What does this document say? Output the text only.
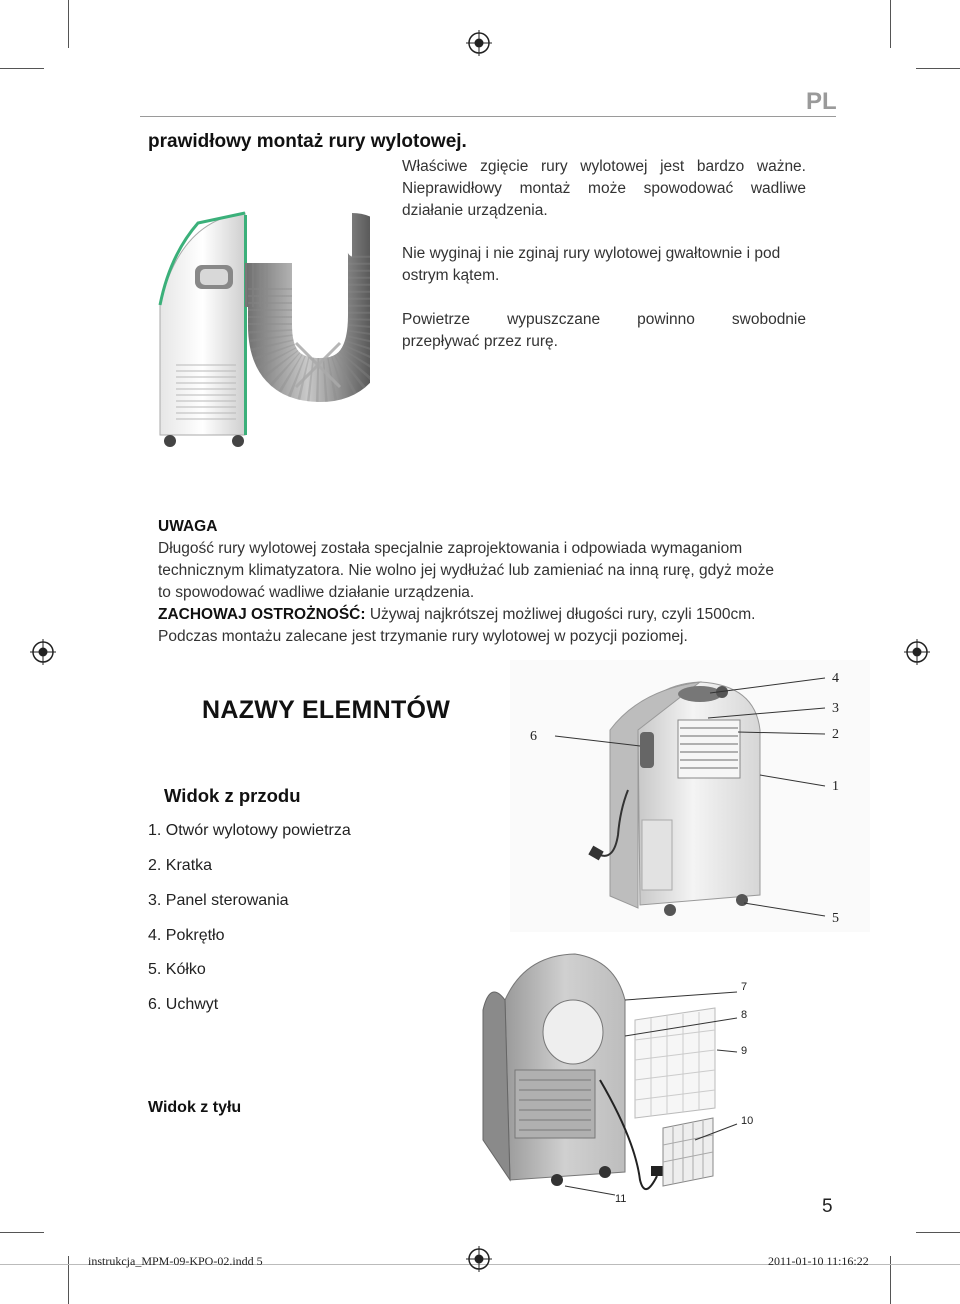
PL
prawidłowy montaż rury wylotowej.
Właściwe zgięcie rury wylotowej jest bardzo ważne.
Nieprawidłowy montaż może spowodować wadliwe
działanie urządzenia.
Nie wyginaj i nie zginaj rury wylotowej gwałtownie i pod
ostrym kątem.
Powietrze wypuszczane powinno swobodnie
przepływać przez rurę.
UWAGA
Długość rury wylotowej została specjalnie zaprojektowania i odpowiada wymaganiom
technicznym klimatyzatora. Nie wolno jej wydłużać lub zamieniać na inną rurę, gdyż może
to spowodować wadliwe działanie urządzenia.
ZACHOWAJ OSTROŻNOŚĆ: Używaj najkrótszej możliwej długości rury, czyli 1500cm.
Podczas montażu zalecane jest trzymanie rury wylotowej w pozycji poziomej.
NAZWY ELEMNTÓW
Widok z przodu
1. Otwór wylotowy powietrza
2. Kratka
3. Panel sterowania
4. Pokrętło
5. Kółko
6. Uchwyt
Widok z tyłu
1
2
3
4
5
6
7
8
9
10
11	5
instrukcja_MPM-09-KPO-02.indd 5	2011-01-10 11:16:22
